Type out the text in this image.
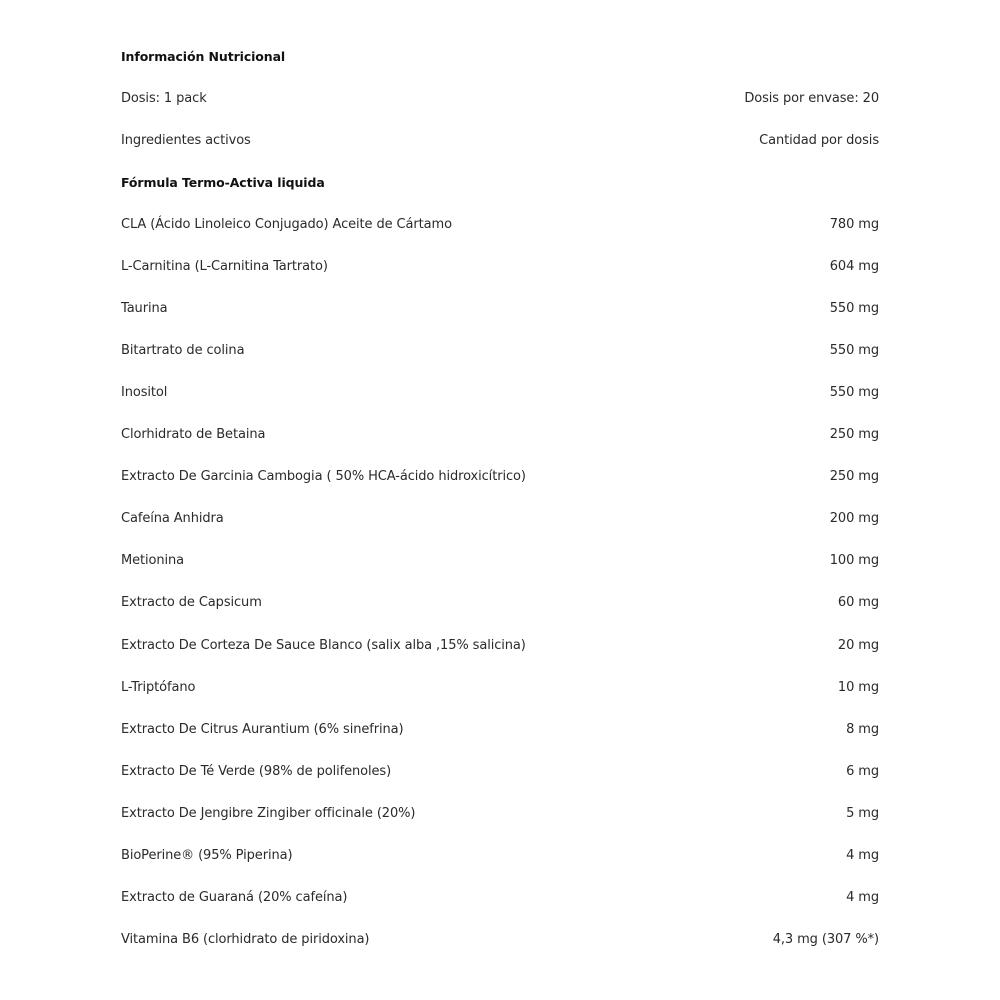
Información Nutricional
Dosis: 1 pack	Dosis por envase: 20
Ingredientes activos	Cantidad por dosis
Fórmula Termo-Activa liquida
CLA (Ácido Linoleico Conjugado) Aceite de Cártamo	780 mg
L-Carnitina (L-Carnitina Tartrato)	604 mg
Taurina	550 mg
Bitartrato de colina	550 mg
Inositol	550 mg
Clorhidrato de Betaina	250 mg
Extracto De Garcinia Cambogia ( 50% HCA-ácido hidroxicítrico)	250 mg
Cafeína Anhidra	200 mg
Metionina	100 mg
Extracto de Capsicum	60 mg
Extracto De Corteza De Sauce Blanco (salix alba ,15% salicina)	20 mg
L-Triptófano	10 mg
Extracto De Citrus Aurantium (6% sinefrina)	8 mg
Extracto De Té Verde (98% de polifenoles)	6 mg
Extracto De Jengibre Zingiber officinale (20%)	5 mg
BioPerine® (95% Piperina)	4 mg
Extracto de Guaraná (20% cafeína)	4 mg
Vitamina B6 (clorhidrato de piridoxina)	4,3 mg (307 %*)
